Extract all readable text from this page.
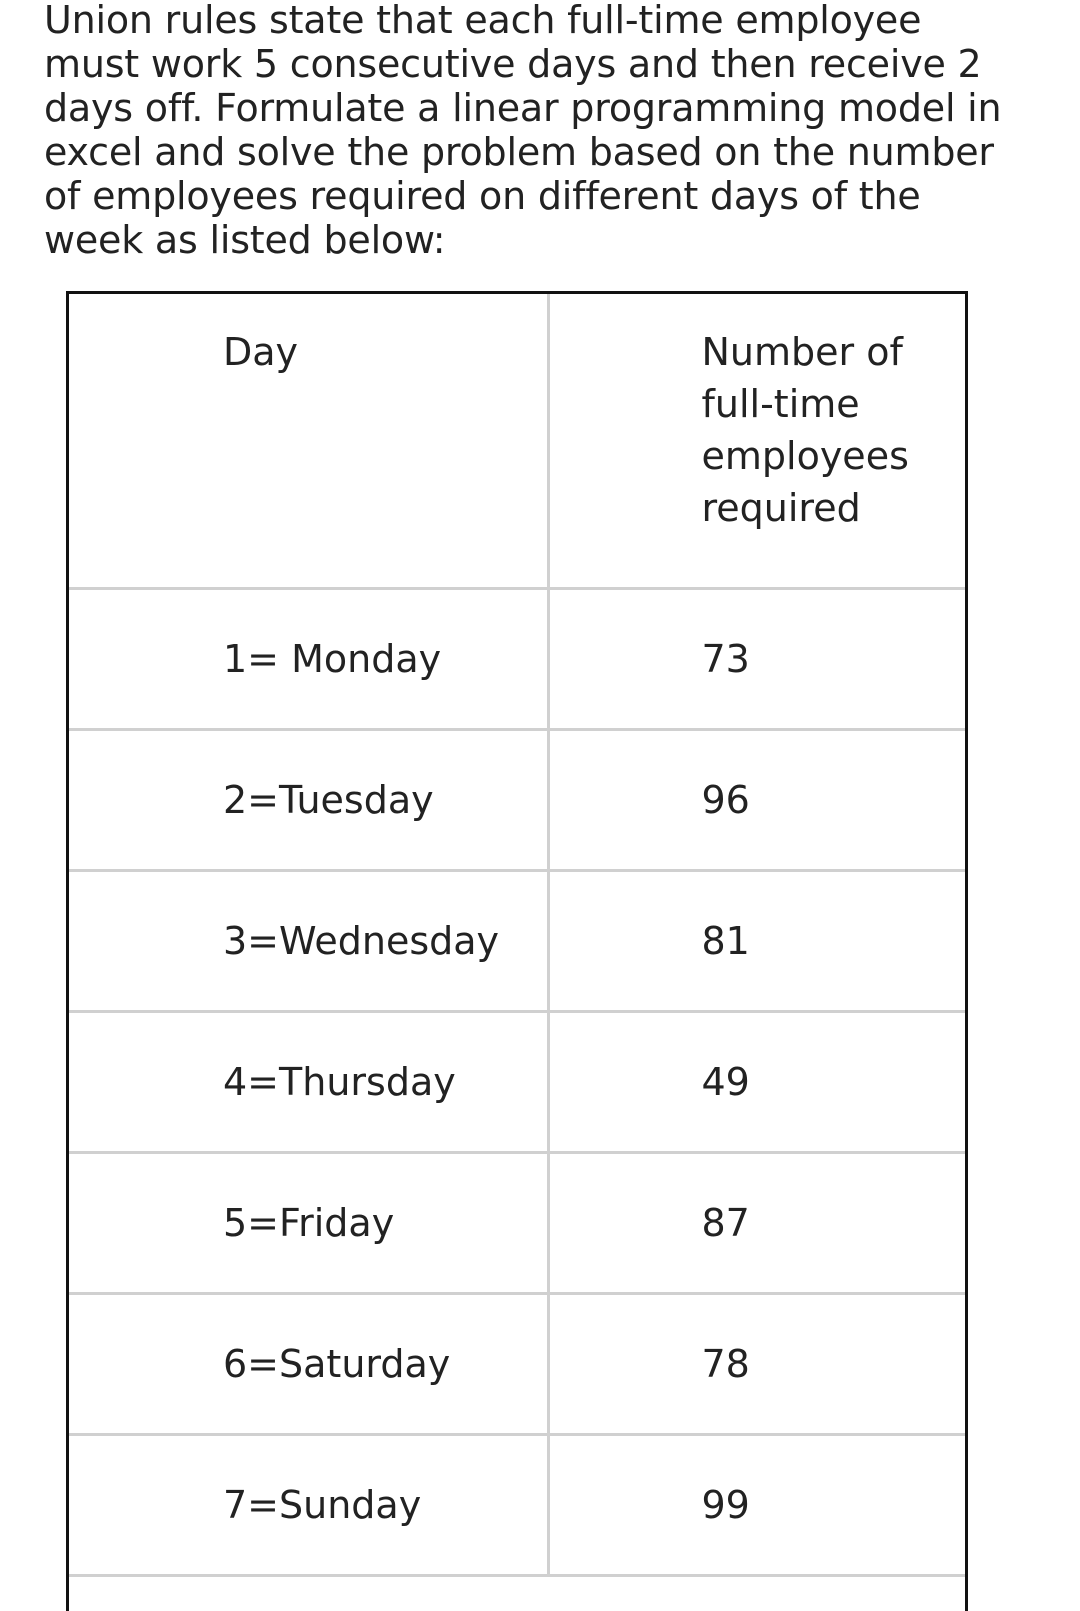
Union rules state that each full-time employee
must work 5 consecutive days and then receive 2
days off. Formulate a linear programming model in
excel and solve the problem based on the number
of employees required on different days of the
week as listed below:

Day	Number of
full-time
employees
required
1= Monday	73
2=Tuesday	96
3=Wednesday	81
4=Thursday	49
5=Friday	87
6=Saturday	78
7=Sunday	99
